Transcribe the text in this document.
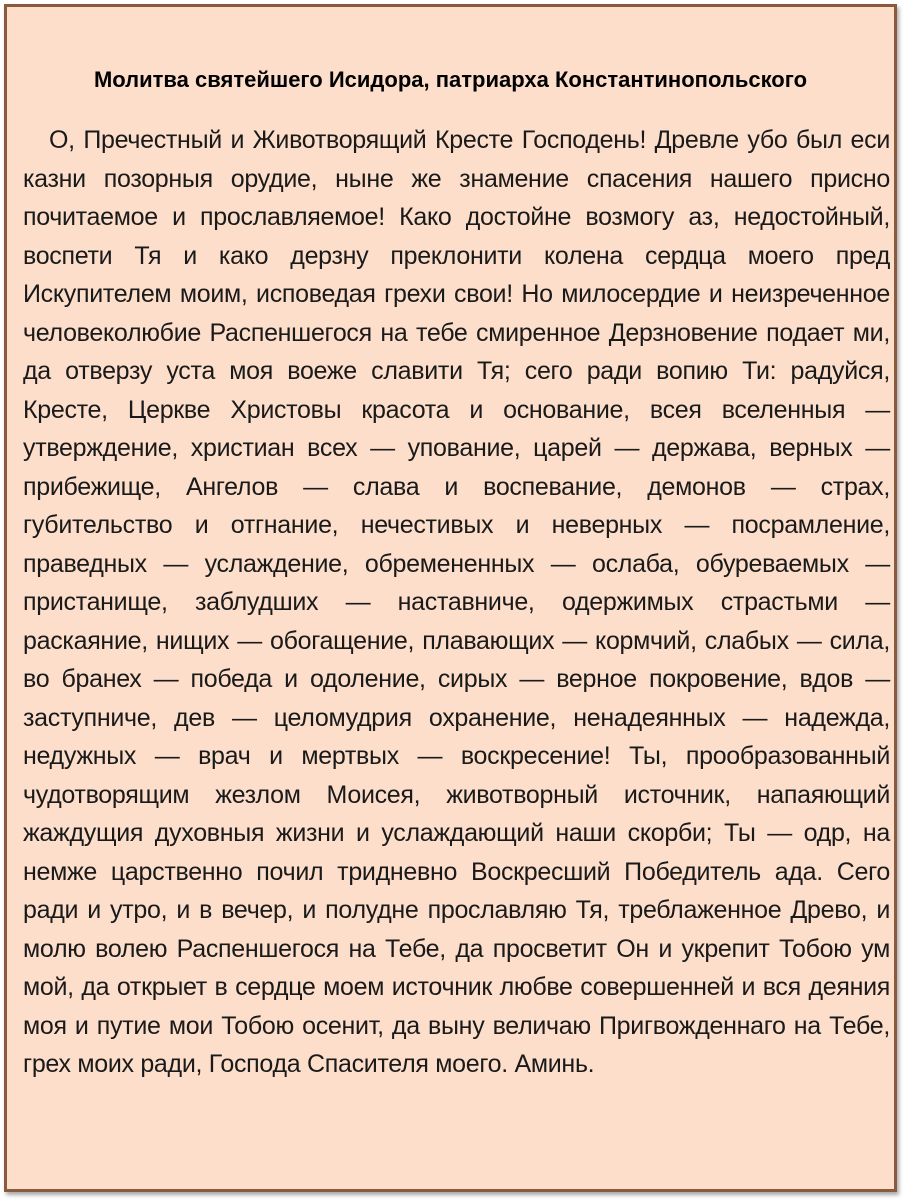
Молитва святейшего Исидора, патриарха Константинопольского

О, Пречестный и Животворящий Кресте Господень! Древле убо был еси казни позорныя орудие, ныне же знамение спасения нашего присно почитаемое и прославляемое! Како достойне возмогу аз, недостойный, воспети Тя и како дерзну преклонити колена сердца моего пред Искупителем моим, исповедая грехи свои! Но милосердие и неизреченное человеколюбие Распеншегося на тебе смиренное Дерзновение подает ми, да отверзу уста моя воеже славити Тя; сего ради вопию Ти: радуйся, Кресте, Церкве Христовы красота и основание, всея вселенныя — утверждение, христиан всех — упование, царей — держава, верных — прибежище, Ангелов — слава и воспевание, демонов — страх, губительство и отгнание, нечестивых и неверных — посрамление, праведных — услаждение, обремененных — ослаба, обуреваемых — пристанище, заблудших — наставниче, одержимых страстьми — раскаяние, нищих — обогащение, плавающих — кормчий, слабых — сила, во бранех — победа и одоление, сирых — верное покровение, вдов — заступниче, дев — целомудрия охранение, ненадеянных — надежда, недужных — врач и мертвых — воскресение! Ты, прообразованный чудотворящим жезлом Моисея, животворный источник, напаяющий жаждущия духовныя жизни и услаждающий наши скорби; Ты — одр, на немже царственно почил тридневно Воскресший Победитель ада. Сего ради и утро, и в вечер, и полудне прославляю Тя, треблаженное Древо, и молю волею Распеншегося на Тебе, да просветит Он и укрепит Тобою ум мой, да открыет в сердце моем источник любве совершенней и вся деяния моя и путие мои Тобою осенит, да выну величаю Пригвожденнаго на Тебе, грех моих ради, Господа Спасителя моего. Аминь.
